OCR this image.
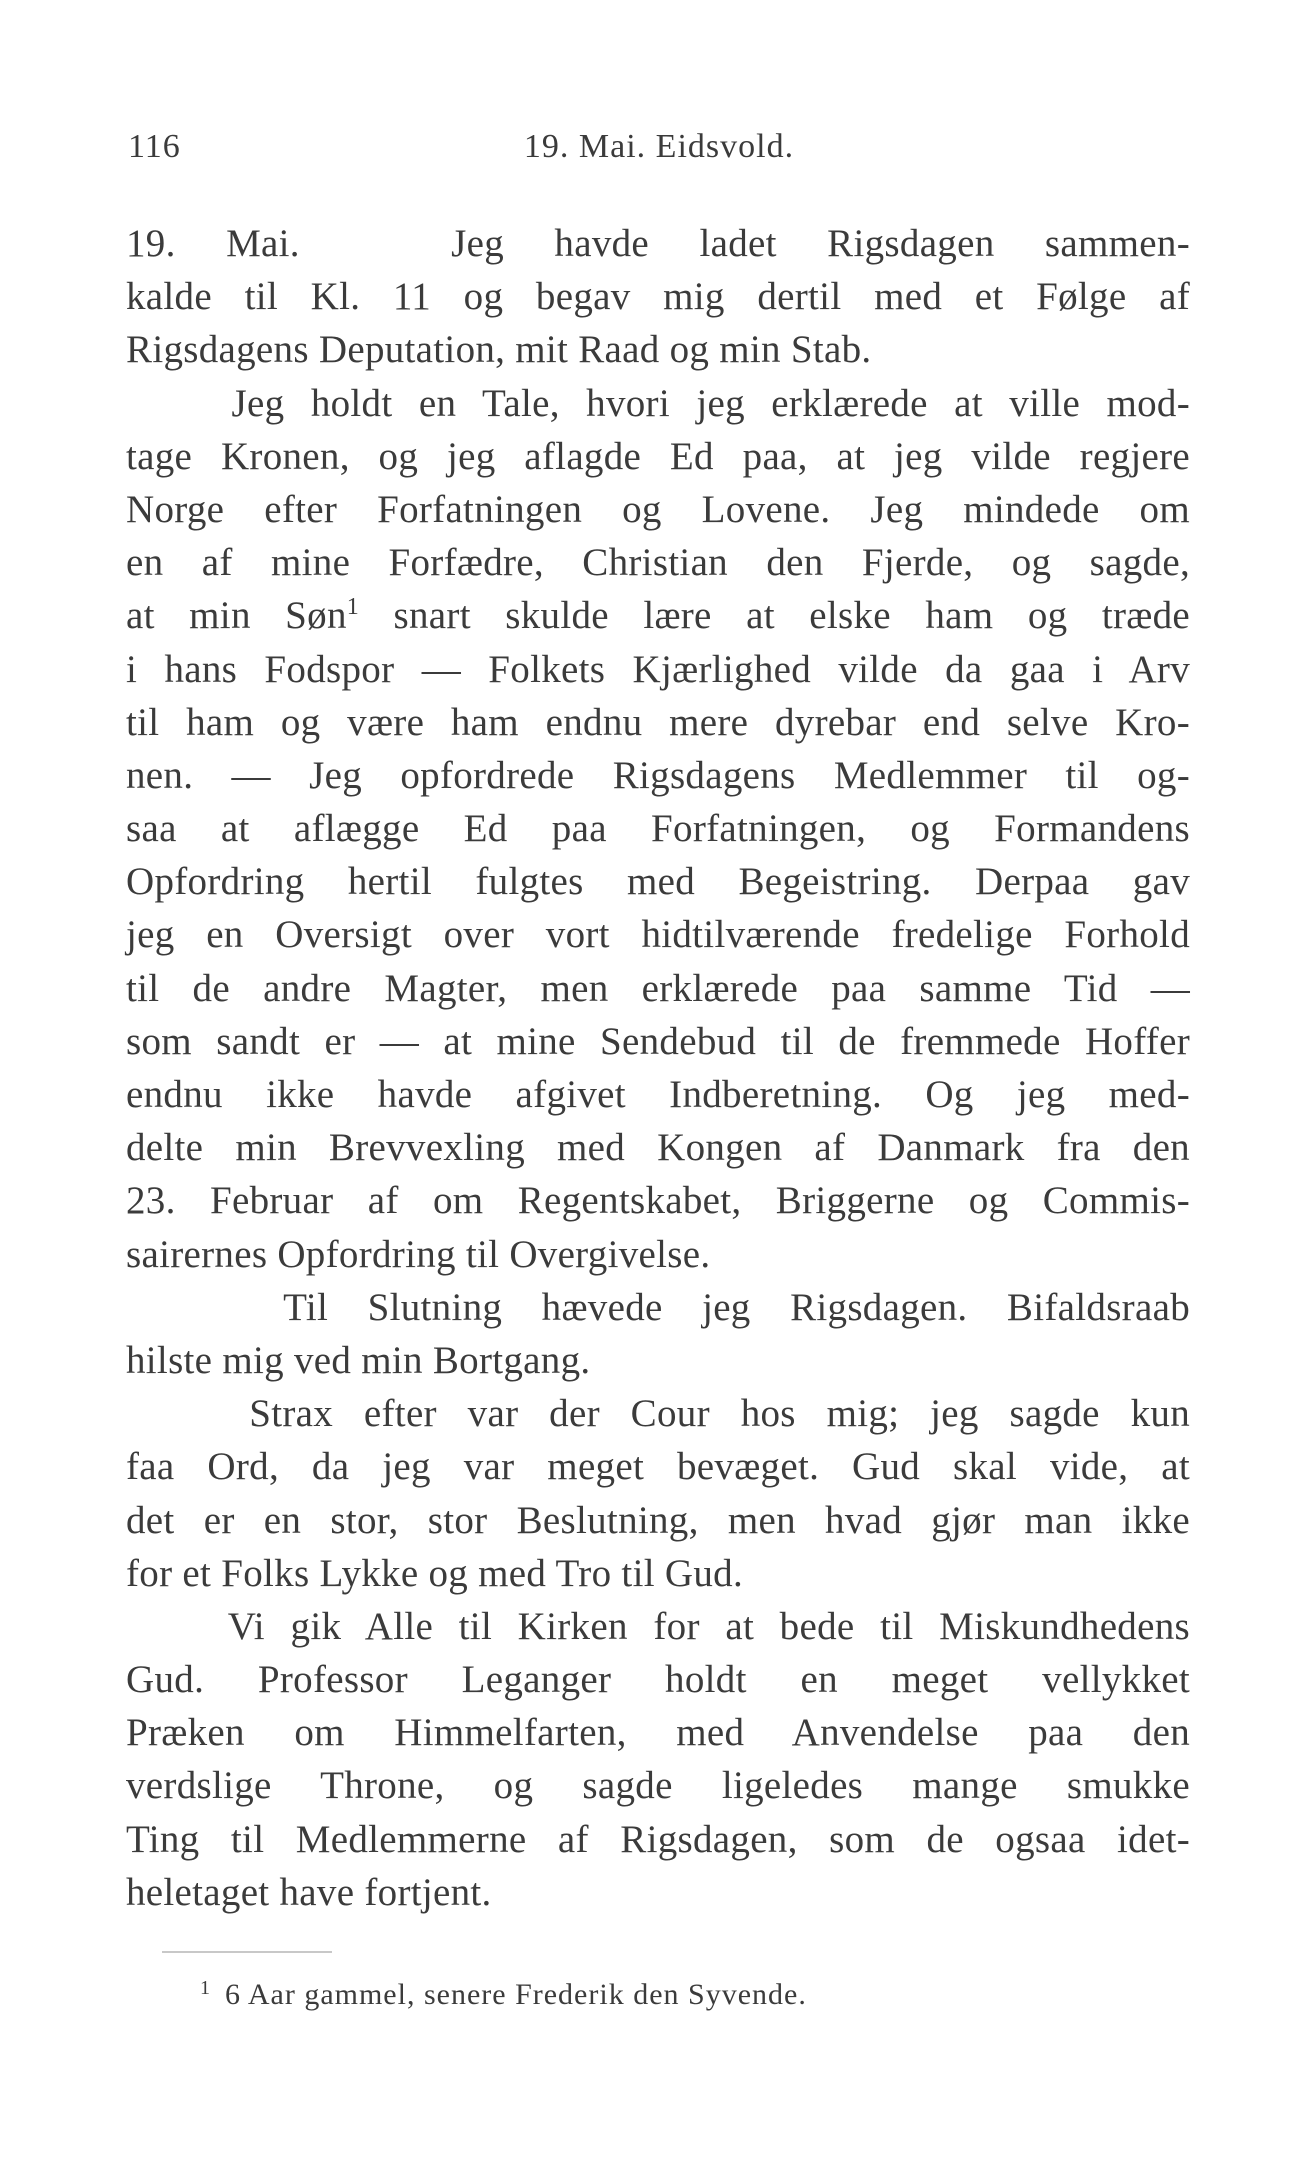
116	19. Mai. Eidsvold.
19. Mai.   Jeg havde ladet Rigsdagen sammen-
kalde til Kl. 11 og begav mig dertil med et Følge af
Rigsdagens Deputation, mit Raad og min Stab.
Jeg holdt en Tale, hvori jeg erklærede at ville mod-
tage Kronen, og jeg aflagde Ed paa, at jeg vilde regjere
Norge efter Forfatningen og Lovene. Jeg mindede om
en af mine Forfædre, Christian den Fjerde, og sagde,
at min Søn$^1$ snart skulde lære at elske ham og træde
i hans Fodspor — Folkets Kjærlighed vilde da gaa i Arv
til ham og være ham endnu mere dyrebar end selve Kro-
nen. — Jeg opfordrede Rigsdagens Medlemmer til og-
saa at aflægge Ed paa Forfatningen, og Formandens
Opfordring hertil fulgtes med Begeistring. Derpaa gav
jeg en Oversigt over vort hidtilværende fredelige Forhold
til de andre Magter, men erklærede paa samme Tid —
som sandt er — at mine Sendebud til de fremmede Hoffer
endnu ikke havde afgivet Indberetning. Og jeg med-
delte min Brevvexling med Kongen af Danmark fra den
23. Februar af om Regentskabet, Briggerne og Commis-
sairernes Opfordring til Overgivelse.
Til Slutning hævede jeg Rigsdagen. Bifaldsraab
hilste mig ved min Bortgang.
Strax efter var der Cour hos mig; jeg sagde kun
faa Ord, da jeg var meget bevæget. Gud skal vide, at
det er en stor, stor Beslutning, men hvad gjør man ikke
for et Folks Lykke og med Tro til Gud.
Vi gik Alle til Kirken for at bede til Miskundhedens
Gud. Professor Leganger holdt en meget vellykket
Præken om Himmelfarten, med Anvendelse paa den
verdslige Throne, og sagde ligeledes mange smukke
Ting til Medlemmerne af Rigsdagen, som de ogsaa idet-
heletaget have fortjent.
$^1$ 6 Aar gammel, senere Frederik den Syvende.
